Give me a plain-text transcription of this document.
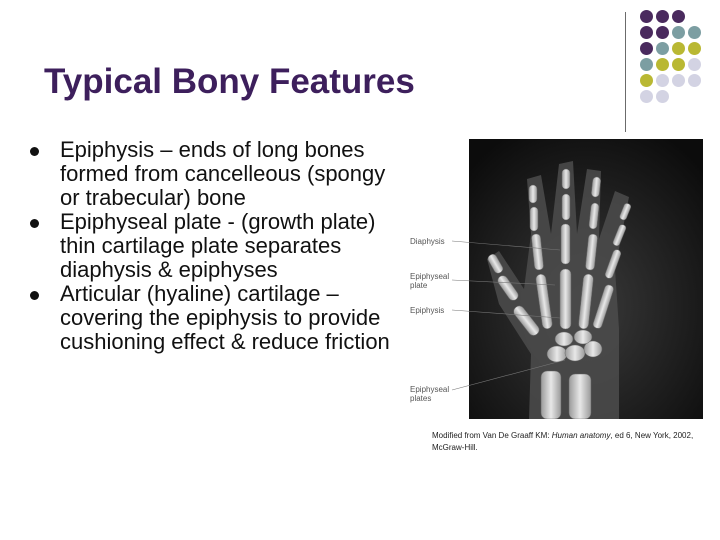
Typical Bony Features
Epiphysis – ends of long bones formed from cancelleous (spongy or trabecular) bone
Epiphyseal plate - (growth plate) thin cartilage plate separates diaphysis & epiphyses
Articular (hyaline) cartilage – covering the epiphysis to provide cushioning effect & reduce friction
Diaphysis
Epiphyseal
plate
Epiphysis
Epiphyseal
plates
Modified from Van De Graaff KM: Human anatomy, ed 6, New York, 2002, McGraw-Hill.
